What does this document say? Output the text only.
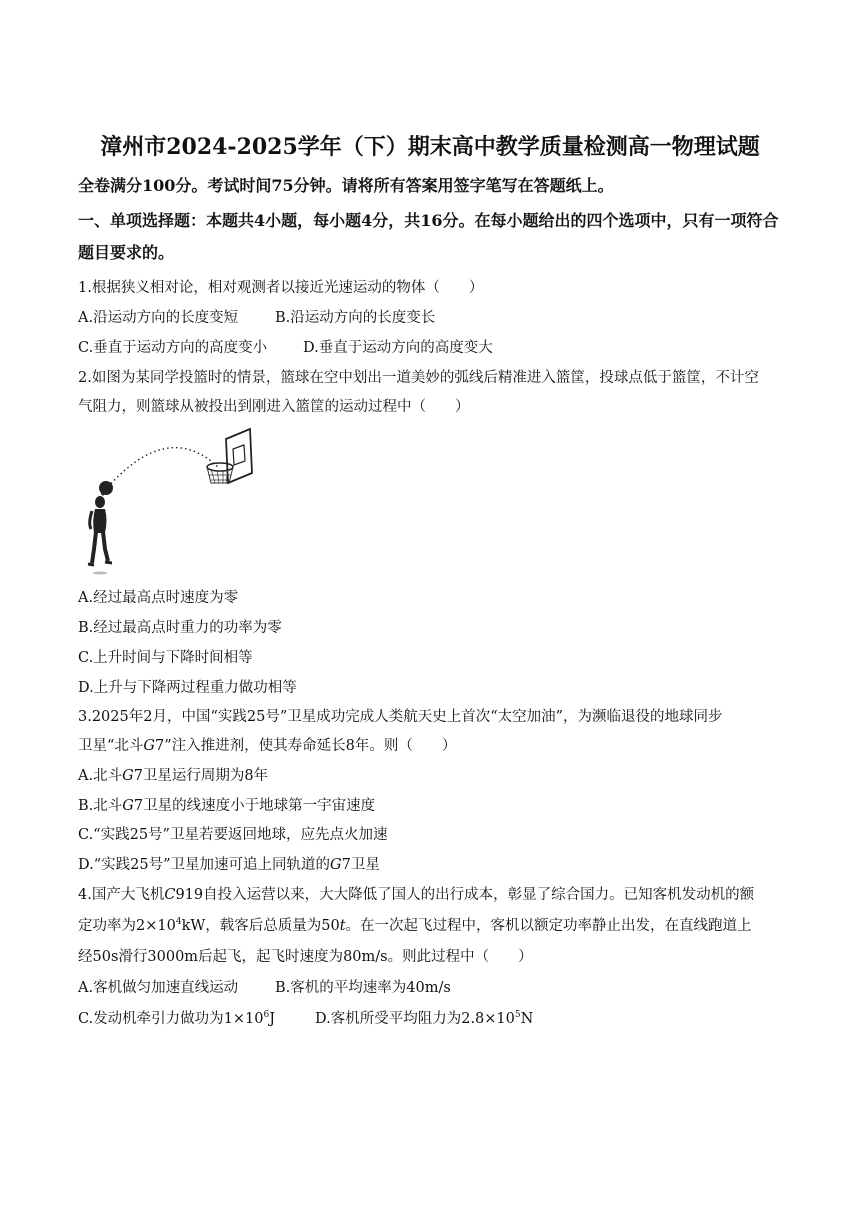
漳州市2024-2025学年（下）期末高中教学质量检测高一物理试题
全卷满分100分。考试时间75分钟。请将所有答案用签字笔写在答题纸上。
一、单项选择题：本题共4小题，每小题4分，共16分。在每小题给出的四个选项中，只有一项符合题目要求的。
1.根据狭义相对论，相对观测者以接近光速运动的物体（　　）
A.沿运动方向的长度变短	B.沿运动方向的长度变长
C.垂直于运动方向的高度变小 D.垂直于运动方向的高度变大
2.如图为某同学投篮时的情景，篮球在空中划出一道美妙的弧线后精准进入篮筐，投球点低于篮筐，不计空
气阻力，则篮球从被投出到刚进入篮筐的运动过程中（　　）
A.经过最高点时速度为零
B.经过最高点时重力的功率为零
C.上升时间与下降时间相等
D.上升与下降两过程重力做功相等
3.2025年2月，中国“实践25号”卫星成功完成人类航天史上首次“太空加油”，为濒临退役的地球同步
卫星“北斗G7”注入推进剂，使其寿命延长8年。则（　　）
A.北斗G7卫星运行周期为8年
B.北斗G7卫星的线速度小于地球第一宇宙速度
C.“实践25号”卫星若要返回地球，应先点火加速
D.“实践25号”卫星加速可追上同轨道的G7卫星
4.国产大飞机C919自投入运营以来，大大降低了国人的出行成本，彰显了综合国力。已知客机发动机的额
定功率为$2\times 10^4kW$，载客后总质量为50t。在一次起飞过程中，客机以额定功率静止出发，在直线跑道上
经50s滑行3000m后起飞，起飞时速度为80m/s。则此过程中（　　）
A.客机做匀加速直线运动	B.客机的平均速率为40m/s
C.发动机牵引力做功为$1\times 10^6J$	D.客机所受平均阻力为$2.8\times 10^5N$
